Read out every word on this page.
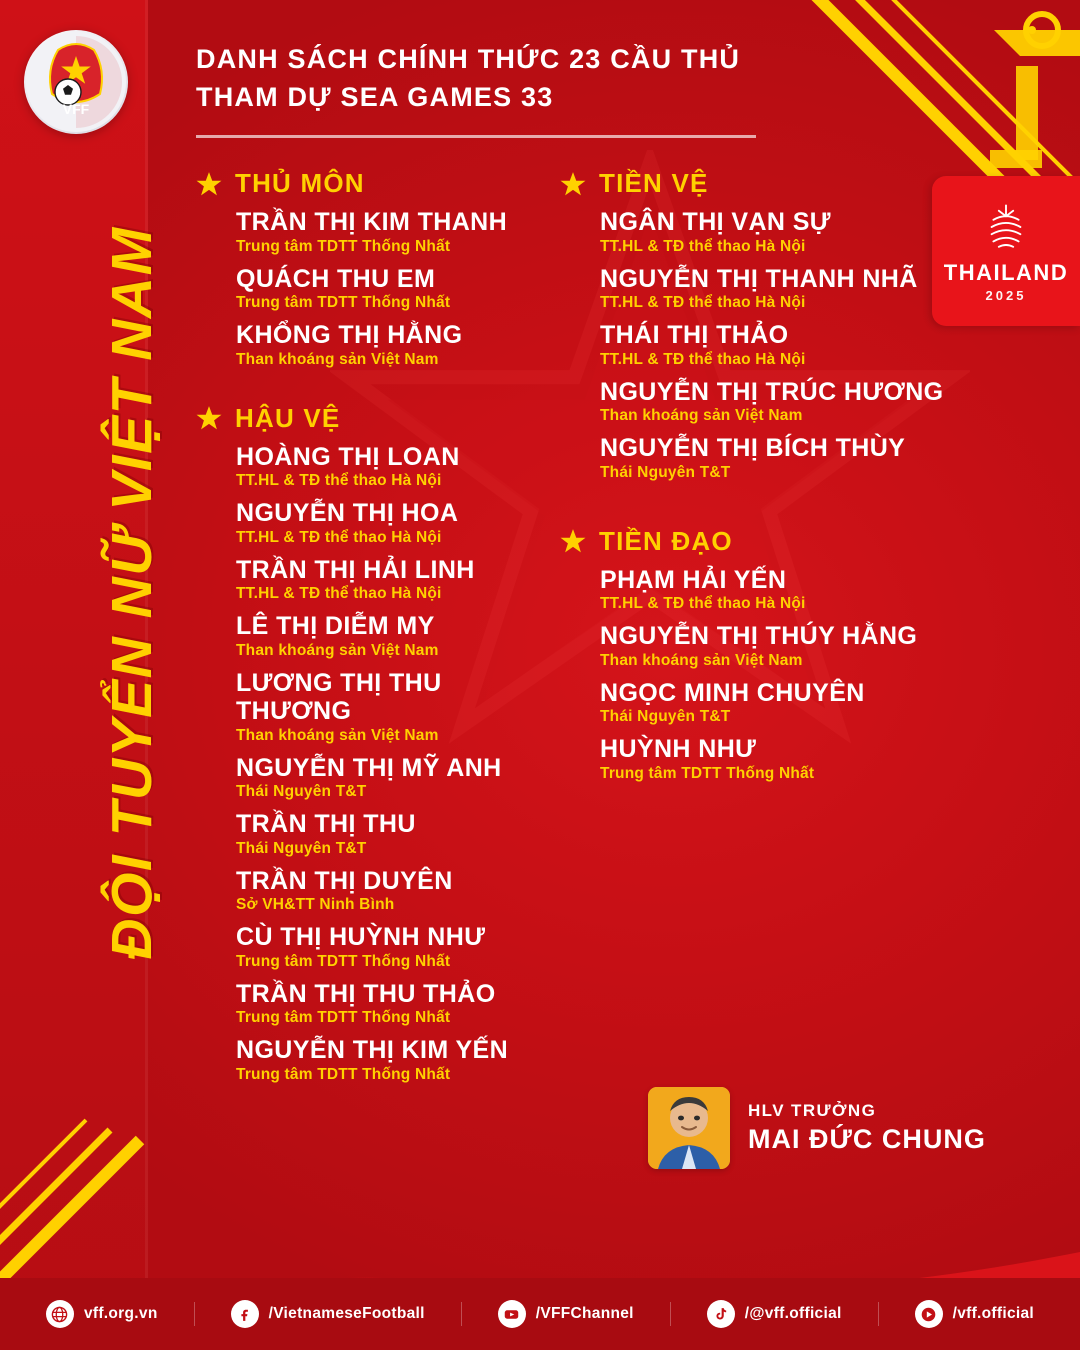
VFF
ĐỘI TUYỂN NỮ VIỆT NAM	THAILAND
2025
DANH SÁCH CHÍNH THỨC 23 CẦU THỦ
THAM DỰ SEA GAMES 33
THỦ MÔN
TRẦN THỊ KIM THANH
Trung tâm TDTT Thống Nhất
QUÁCH THU EM
Trung tâm TDTT Thống Nhất
KHỔNG THỊ HẰNG
Than khoáng sản Việt Nam
HẬU VỆ
HOÀNG THỊ LOAN
TT.HL & TĐ thể thao Hà Nội
NGUYỄN THỊ HOA
TT.HL & TĐ thể thao Hà Nội
TRẦN THỊ HẢI LINH
TT.HL & TĐ thể thao Hà Nội
LÊ THỊ DIỄM MY
Than khoáng sản Việt Nam
LƯƠNG THỊ THU THƯƠNG
Than khoáng sản Việt Nam
NGUYỄN THỊ MỸ ANH
Thái Nguyên T&T
TRẦN THỊ THU
Thái Nguyên T&T
TRẦN THỊ DUYÊN
Sở VH&TT Ninh Bình
CÙ THỊ HUỲNH NHƯ
Trung tâm TDTT Thống Nhất
TRẦN THỊ THU THẢO
Trung tâm TDTT Thống Nhất
NGUYỄN THỊ KIM YẾN
Trung tâm TDTT Thống Nhất
TIỀN VỆ
NGÂN THỊ VẠN SỰ
TT.HL & TĐ thể thao Hà Nội
NGUYỄN THỊ THANH NHÃ
TT.HL & TĐ thể thao Hà Nội
THÁI THỊ THẢO
TT.HL & TĐ thể thao Hà Nội
NGUYỄN THỊ TRÚC HƯƠNG
Than khoáng sản Việt Nam
NGUYỄN THỊ BÍCH THÙY
Thái Nguyên T&T
TIỀN ĐẠO
PHẠM HẢI YẾN
TT.HL & TĐ thể thao Hà Nội
NGUYỄN THỊ THÚY HẰNG
Than khoáng sản Việt Nam
NGỌC MINH CHUYÊN
Thái Nguyên T&T
HUỲNH NHƯ
Trung tâm TDTT Thống Nhất
HLV TRƯỞNG
MAI ĐỨC CHUNG
vff.org.vn	/VietnameseFootball	/VFFChannel	/@vff.official	/vff.official
